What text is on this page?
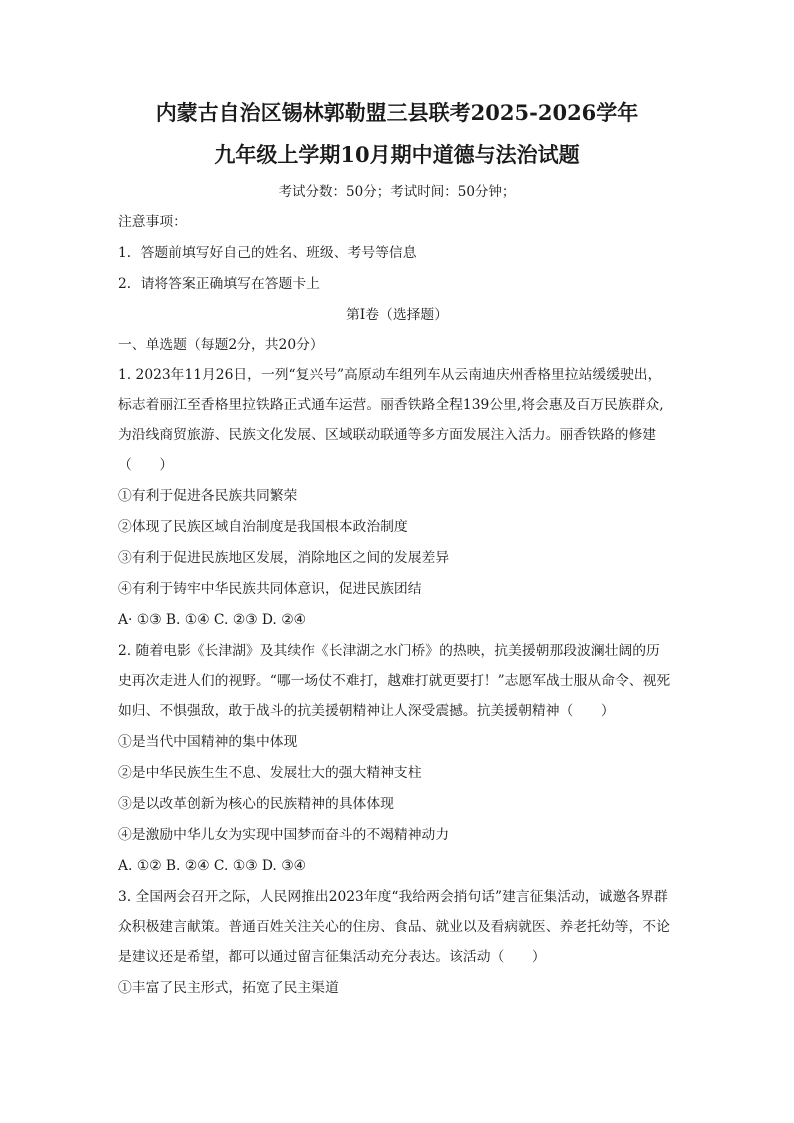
内蒙古自治区锡林郭勒盟三县联考2025-2026学年
九年级上学期10月期中道德与法治试题
考试分数：50分；考试时间：50分钟；

注意事项：

1．答题前填写好自己的姓名、班级、考号等信息

2．请将答案正确填写在答题卡上

第I卷（选择题）

一、单选题（每题2分，共20分）

1. 2023年11月26日，一列“复兴号”高原动车组列车从云南迪庆州香格里拉站缓缓驶出，

标志着丽江至香格里拉铁路正式通车运营。丽香铁路全程139公里,将会惠及百万民族群众,

为沿线商贸旅游、民族文化发展、区域联动联通等多方面发展注入活力。丽香铁路的修建

（　　）

①有利于促进各民族共同繁荣

②体现了民族区域自治制度是我国根本政治制度

③有利于促进民族地区发展，消除地区之间的发展差异

④有利于铸牢中华民族共同体意识，促进民族团结

A· ①③ B. ①④ C. ②③ D. ②④

2. 随着电影《长津湖》及其续作《长津湖之水门桥》的热映，抗美援朝那段波澜壮阔的历

史再次走进人们的视野。“哪一场仗不难打，越难打就更要打！”志愿军战士服从命令、视死

如归、不惧强敌，敢于战斗的抗美援朝精神让人深受震撼。抗美援朝精神（　　）

①是当代中国精神的集中体现

②是中华民族生生不息、发展壮大的强大精神支柱

③是以改革创新为核心的民族精神的具体体现

④是激励中华儿女为实现中国梦而奋斗的不竭精神动力

A. ①② B. ②④ C. ①③ D. ③④

3. 全国两会召开之际，人民网推出2023年度“我给两会捎句话”建言征集活动，诚邀各界群

众积极建言献策。普通百姓关注关心的住房、食品、就业以及看病就医、养老托幼等，不论

是建议还是希望，都可以通过留言征集活动充分表达。该活动（　　）

①丰富了民主形式，拓宽了民主渠道
